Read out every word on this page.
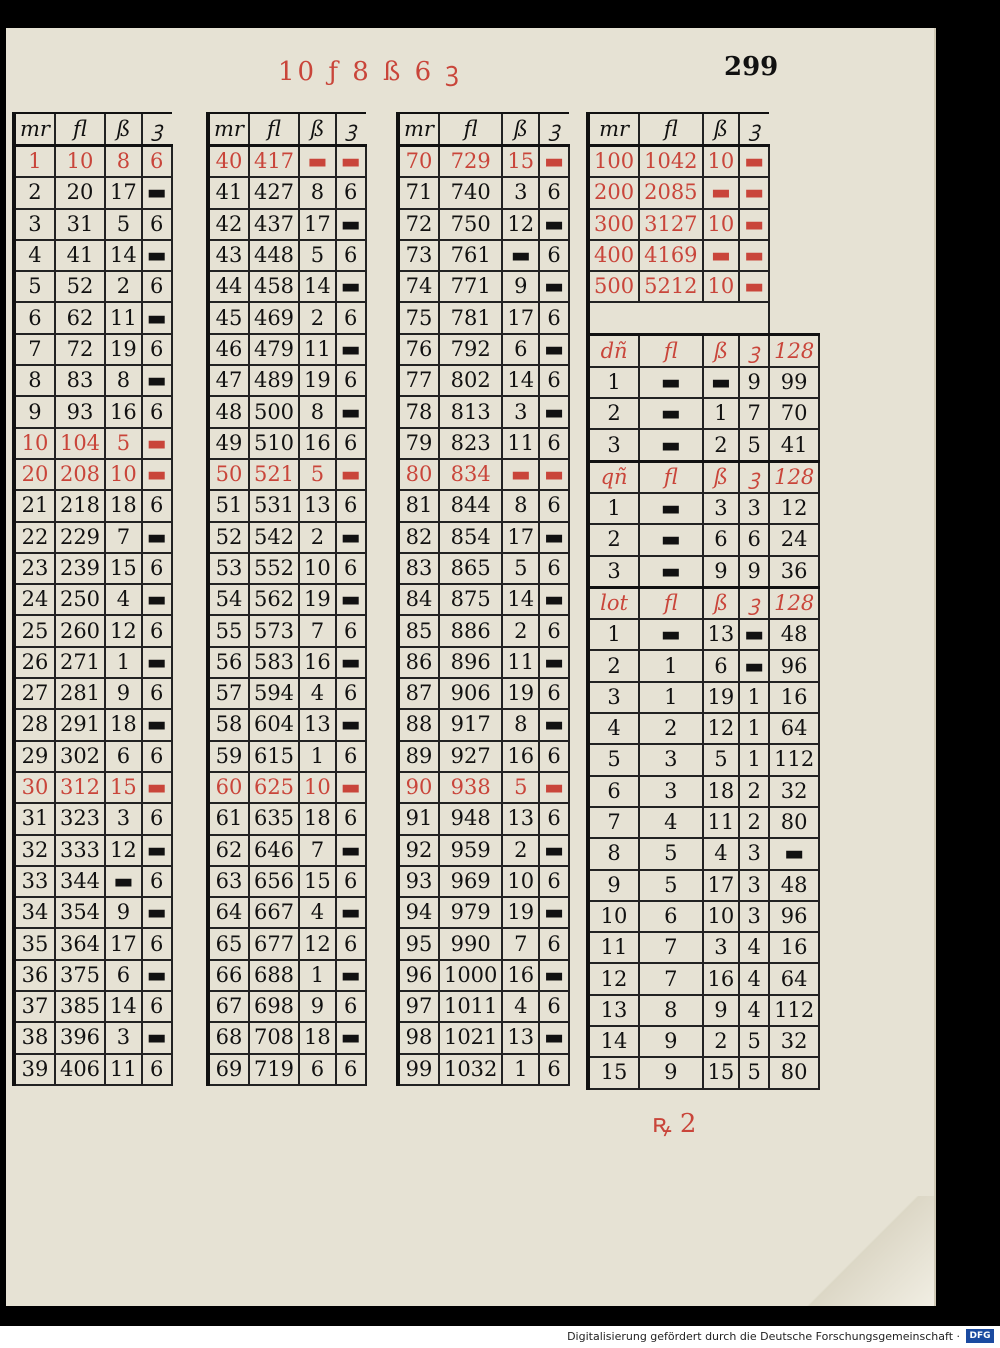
10 ƒ 8 ß 6 ꝫ	299
mr	fl	ß	ꝫ
1	10	8	6
2	20	17	▬
3	31	5	6
4	41	14	▬
5	52	2	6
6	62	11	▬
7	72	19	6
8	83	8	▬
9	93	16	6
10	104	5	▬
20	208	10	▬
21	218	18	6
22	229	7	▬
23	239	15	6
24	250	4	▬
25	260	12	6
26	271	1	▬
27	281	9	6
28	291	18	▬
29	302	6	6
30	312	15	▬
31	323	3	6
32	333	12	▬
33	344	▬	6
34	354	9	▬
35	364	17	6
36	375	6	▬
37	385	14	6
38	396	3	▬
39	406	11	6
mr	fl	ß	ꝫ
40	417	▬	▬
41	427	8	6
42	437	17	▬
43	448	5	6
44	458	14	▬
45	469	2	6
46	479	11	▬
47	489	19	6
48	500	8	▬
49	510	16	6
50	521	5	▬
51	531	13	6
52	542	2	▬
53	552	10	6
54	562	19	▬
55	573	7	6
56	583	16	▬
57	594	4	6
58	604	13	▬
59	615	1	6
60	625	10	▬
61	635	18	6
62	646	7	▬
63	656	15	6
64	667	4	▬
65	677	12	6
66	688	1	▬
67	698	9	6
68	708	18	▬
69	719	6	6
mr	fl	ß	ꝫ
70	729	15	▬
71	740	3	6
72	750	12	▬
73	761	▬	6
74	771	9	▬
75	781	17	6
76	792	6	▬
77	802	14	6
78	813	3	▬
79	823	11	6
80	834	▬	▬
81	844	8	6
82	854	17	▬
83	865	5	6
84	875	14	▬
85	886	2	6
86	896	11	▬
87	906	19	6
88	917	8	▬
89	927	16	6
90	938	5	▬
91	948	13	6
92	959	2	▬
93	969	10	6
94	979	19	▬
95	990	7	6
96	1000	16	▬
97	1011	4	6
98	1021	13	▬
99	1032	1	6
mr	fl	ß	ꝫ	
100	1042	10	▬	
200	2085	▬	▬	
300	3127	10	▬	
400	4169	▬	▬	
500	5212	10	▬	

dñ	fl	ß	ꝫ	128
1	▬	▬	9	99
2	▬	1	7	70
3	▬	2	5	41
qñ	fl	ß	ꝫ	128
1	▬	3	3	12
2	▬	6	6	24
3	▬	9	9	36
lot	fl	ß	ꝫ	128
1	▬	13	▬	48
2	1	6	▬	96
3	1	19	1	16
4	2	12	1	64
5	3	5	1	112
6	3	18	2	32
7	4	11	2	80
8	5	4	3	▬
9	5	17	3	48
10	6	10	3	96
11	7	3	4	16
12	7	16	4	64
13	8	9	4	112
14	9	2	5	32
15	9	15	5	80
ꝶ 2
Digitalisierung gefördert durch die Deutsche Forschungsgemeinschaft ·	DFG
